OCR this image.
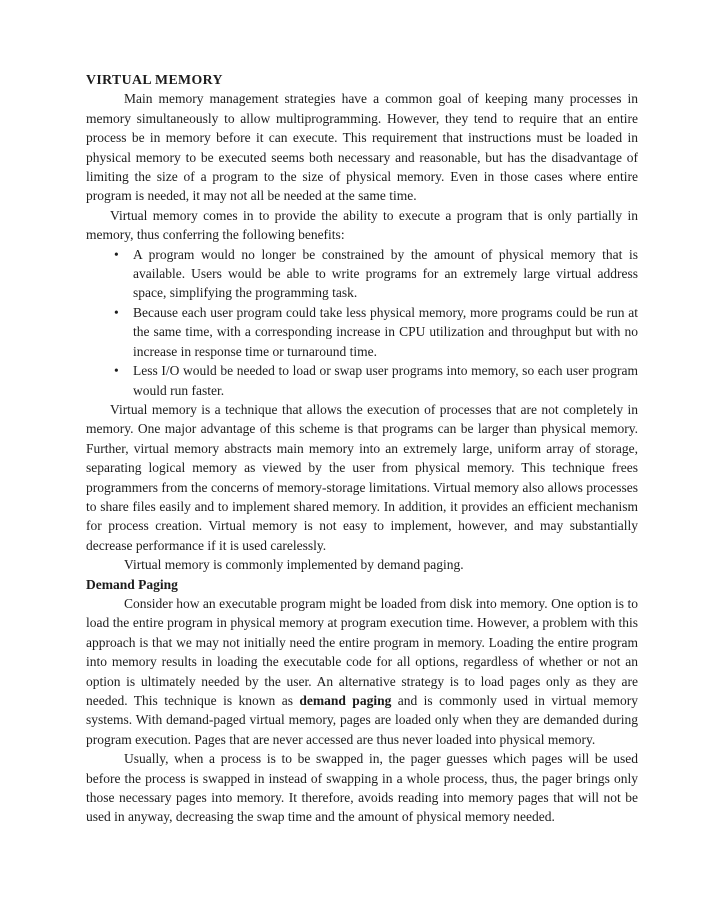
VIRTUAL MEMORY

Main memory management strategies have a common goal of keeping many processes in memory simultaneously to allow multiprogramming. However, they tend to require that an entire process be in memory before it can execute. This requirement that instructions must be loaded in physical memory to be executed seems both necessary and reasonable, but has the disadvantage of limiting the size of a program to the size of physical memory. Even in those cases where entire program is needed, it may not all be needed at the same time.

Virtual memory comes in to provide the ability to execute a program that is only partially in memory, thus conferring the following benefits:

• A program would no longer be constrained by the amount of physical memory that is available. Users would be able to write programs for an extremely large virtual address space, simplifying the programming task.
• Because each user program could take less physical memory, more programs could be run at the same time, with a corresponding increase in CPU utilization and throughput but with no increase in response time or turnaround time.
• Less I/O would be needed to load or swap user programs into memory, so each user program would run faster.

Virtual memory is a technique that allows the execution of processes that are not completely in memory. One major advantage of this scheme is that programs can be larger than physical memory. Further, virtual memory abstracts main memory into an extremely large, uniform array of storage, separating logical memory as viewed by the user from physical memory. This technique frees programmers from the concerns of memory-storage limitations. Virtual memory also allows processes to share files easily and to implement shared memory. In addition, it provides an efficient mechanism for process creation. Virtual memory is not easy to implement, however, and may substantially decrease performance if it is used carelessly.

Virtual memory is commonly implemented by demand paging.

Demand Paging

Consider how an executable program might be loaded from disk into memory. One option is to load the entire program in physical memory at program execution time. However, a problem with this approach is that we may not initially need the entire program in memory. Loading the entire program into memory results in loading the executable code for all options, regardless of whether or not an option is ultimately needed by the user. An alternative strategy is to load pages only as they are needed. This technique is known as demand paging and is commonly used in virtual memory systems. With demand-paged virtual memory, pages are loaded only when they are demanded during program execution. Pages that are never accessed are thus never loaded into physical memory.

Usually, when a process is to be swapped in, the pager guesses which pages will be used before the process is swapped in instead of swapping in a whole process, thus, the pager brings only those necessary pages into memory. It therefore, avoids reading into memory pages that will not be used in anyway, decreasing the swap time and the amount of physical memory needed.
